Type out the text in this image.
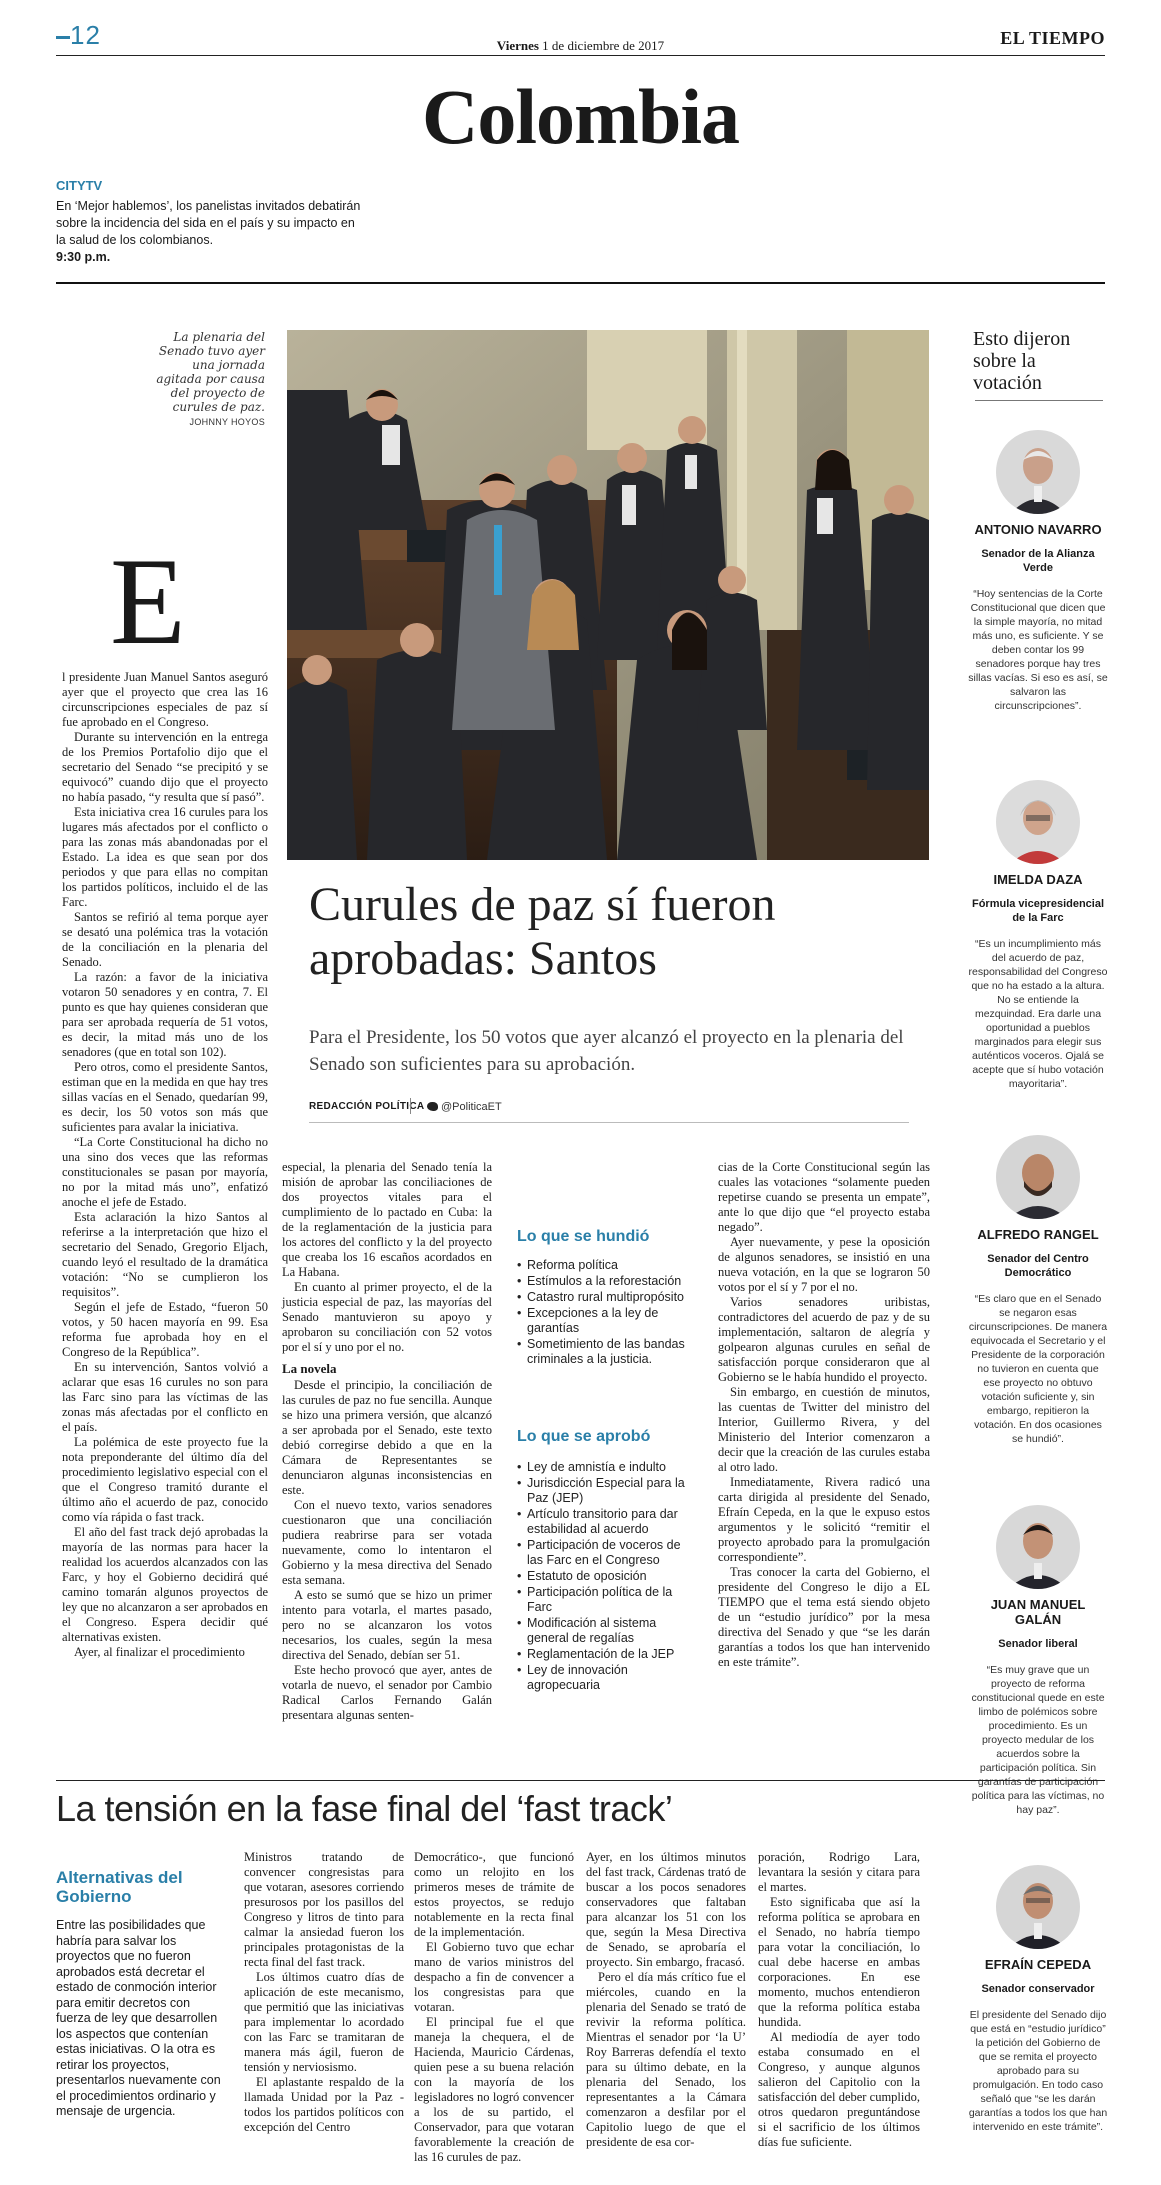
12	Viernes 1 de diciembre de 2017	EL TIEMPO
Colombia
CITYTV
En ‘Mejor hablemos’, los panelistas invitados debatirán sobre la incidencia del sida en el país y su impacto en la salud de los colombianos.
9:30 p.m.
La plenaria del Senado tuvo ayer una jornada agitada por causa del proyecto de curules de paz. JOHNNY HOYOS
Esto dijeron sobre la votación
ANTONIO NAVARRO
Senador de la Alianza Verde
“Hoy sentencias de la Corte Constitucional que dicen que la simple mayoría, no mitad más uno, es suficiente. Y se deben contar los 99 senadores porque hay tres sillas vacías. Si eso es así, se salvaron las circunscripciones”.
IMELDA DAZA
Fórmula vicepresidencial de la Farc
“Es un incumplimiento más del acuerdo de paz, responsabilidad del Congreso que no ha estado a la altura. No se entiende la mezquindad. Era darle una oportunidad a pueblos marginados para elegir sus auténticos voceros. Ojalá se acepte que sí hubo votación mayoritaria”.
ALFREDO RANGEL
Senador del Centro Democrático
“Es claro que en el Senado se negaron esas circunscripciones. De manera equivocada el Secretario y el Presidente de la corporación no tuvieron en cuenta que ese proyecto no obtuvo votación suficiente y, sin embargo, repitieron la votación. En dos ocasiones se hundió”.
JUAN MANUEL GALÁN
Senador liberal
“Es muy grave que un proyecto de reforma constitucional quede en este limbo de polémicos sobre procedimiento. Es un proyecto medular de los acuerdos sobre la participación política. Sin garantías de participación política para las víctimas, no hay paz”.
EFRAÍN CEPEDA
Senador conservador
El presidente del Senado dijo que está en “estudio jurídico” la petición del Gobierno de que se remita el proyecto aprobado para su promulgación. En todo caso señaló que “se les darán garantías a todos los que han intervenido en este trámite”.
Curules de paz sí fueron aprobadas: Santos
Para el Presidente, los 50 votos que ayer alcanzó el proyecto en la plenaria del Senado son suficientes para su aprobación.
REDACCIÓN POLÍTICA	@PoliticaET
E

l presidente Juan Manuel Santos aseguró ayer que el proyecto que crea las 16 circunscripciones especiales de paz sí fue aprobado en el Congreso.

Durante su intervención en la entrega de los Premios Portafolio dijo que el secretario del Senado “se precipitó y se equivocó” cuando dijo que el proyecto no había pasado, “y resulta que sí pasó”.

Esta iniciativa crea 16 curules para los lugares más afectados por el conflicto o para las zonas más abandonadas por el Estado. La idea es que sean por dos periodos y que para ellas no compitan los partidos políticos, incluido el de las Farc.

Santos se refirió al tema porque ayer se desató una polémica tras la votación de la conciliación en la plenaria del Senado.

La razón: a favor de la iniciativa votaron 50 senadores y en contra, 7. El punto es que hay quienes consideran que para ser aprobada requería de 51 votos, es decir, la mitad más uno de los senadores (que en total son 102).

Pero otros, como el presidente Santos, estiman que en la medida en que hay tres sillas vacías en el Senado, quedarían 99, es decir, los 50 votos son más que suficientes para avalar la iniciativa.

“La Corte Constitucional ha dicho no una sino dos veces que las reformas constitucionales se pasan por mayoría, no por la mitad más uno”, enfatizó anoche el jefe de Estado.

Esta aclaración la hizo Santos al referirse a la interpretación que hizo el secretario del Senado, Gregorio Eljach, cuando leyó el resultado de la dramática votación: “No se cumplieron los requisitos”.

Según el jefe de Estado, “fueron 50 votos, y 50 hacen mayoría en 99. Esa reforma fue aprobada hoy en el Congreso de la República”.

En su intervención, Santos volvió a aclarar que esas 16 curules no son para las Farc sino para las víctimas de las zonas más afectadas por el conflicto en el país.

La polémica de este proyecto fue la nota preponderante del último día del procedimiento legislativo especial con el que el Congreso tramitó durante el último año el acuerdo de paz, conocido como vía rápida o fast track.

El año del fast track dejó aprobadas la mayoría de las normas para hacer la realidad los acuerdos alcanzados con las Farc, y hoy el Gobierno decidirá qué camino tomarán algunos proyectos de ley que no alcanzaron a ser aprobados en el Congreso. Espera decidir qué alternativas existen.

Ayer, al finalizar el procedimiento

especial, la plenaria del Senado tenía la misión de aprobar las conciliaciones de dos proyectos vitales para el cumplimiento de lo pactado en Cuba: la de la reglamentación de la justicia para los actores del conflicto y la del proyecto que creaba los 16 escaños acordados en La Habana.

En cuanto al primer proyecto, el de la justicia especial de paz, las mayorías del Senado mantuvieron su apoyo y aprobaron su conciliación con 52 votos por el sí y uno por el no.

La novela

Desde el principio, la conciliación de las curules de paz no fue sencilla. Aunque se hizo una primera versión, que alcanzó a ser aprobada por el Senado, este texto debió corregirse debido a que en la Cámara de Representantes se denunciaron algunas inconsistencias en este.

Con el nuevo texto, varios senadores cuestionaron que una conciliación pudiera reabrirse para ser votada nuevamente, como lo intentaron el Gobierno y la mesa directiva del Senado esta semana.

A esto se sumó que se hizo un primer intento para votarla, el martes pasado, pero no se alcanzaron los votos necesarios, los cuales, según la mesa directiva del Senado, debían ser 51.

Este hecho provocó que ayer, antes de votarla de nuevo, el senador por Cambio Radical Carlos Fernando Galán presentara algunas senten-

Lo que se hundió
• Reforma política
• Estímulos a la reforestación
• Catastro rural multipropósito
• Excepciones a la ley de garantías
• Sometimiento de las bandas criminales a la justicia.
Lo que se aprobó
• Ley de amnistía e indulto
• Jurisdicción Especial para la Paz (JEP)
• Artículo transitorio para dar estabilidad al acuerdo
• Participación de voceros de las Farc en el Congreso
• Estatuto de oposición
• Participación política de la Farc
• Modificación al sistema general de regalías
• Reglamentación de la JEP
• Ley de innovación agropecuaria

cias de la Corte Constitucional según las cuales las votaciones “solamente pueden repetirse cuando se presenta un empate”, ante lo que dijo que “el proyecto estaba negado”.

Ayer nuevamente, y pese la oposición de algunos senadores, se insistió en una nueva votación, en la que se lograron 50 votos por el sí y 7 por el no.

Varios senadores uribistas, contradictores del acuerdo de paz y de su implementación, saltaron de alegría y golpearon algunas curules en señal de satisfacción porque consideraron que al Gobierno se le había hundido el proyecto.

Sin embargo, en cuestión de minutos, las cuentas de Twitter del ministro del Interior, Guillermo Rivera, y del Ministerio del Interior comenzaron a decir que la creación de las curules estaba al otro lado.

Inmediatamente, Rivera radicó una carta dirigida al presidente del Senado, Efraín Cepeda, en la que le expuso estos argumentos y le solicitó “remitir el proyecto aprobado para la promulgación correspondiente”.

Tras conocer la carta del Gobierno, el presidente del Congreso le dijo a EL TIEMPO que el tema está siendo objeto de un “estudio jurídico” por la mesa directiva del Senado y que “se les darán garantías a todos los que han intervenido en este trámite”.

La tensión en la fase final del ‘fast track’
Alternativas del Gobierno
Entre las posibilidades que habría para salvar los proyectos que no fueron aprobados está decretar el estado de conmoción interior para emitir decretos con fuerza de ley que desarrollen los aspectos que contenían estas iniciativas. O la otra es retirar los proyectos, presentarlos nuevamente con el procedimientos ordinario y mensaje de urgencia.

Ministros tratando de convencer congresistas para que votaran, asesores corriendo presurosos por los pasillos del Congreso y litros de tinto para calmar la ansiedad fueron los principales protagonistas de la recta final del fast track.

Los últimos cuatro días de aplicación de este mecanismo, que permitió que las iniciativas para implementar lo acordado con las Farc se tramitaran de manera más ágil, fueron de tensión y nerviosismo.

El aplastante respaldo de la llamada Unidad por la Paz -todos los partidos políticos con excepción del Centro

Democrático-, que funcionó como un relojito en los primeros meses de trámite de estos proyectos, se redujo notablemente en la recta final de la implementación.

El Gobierno tuvo que echar mano de varios ministros del despacho a fin de convencer a los congresistas para que votaran.

El principal fue el que maneja la chequera, el de Hacienda, Mauricio Cárdenas, quien pese a su buena relación con la mayoría de los legisladores no logró convencer a los de su partido, el Conservador, para que votaran favorablemente la creación de las 16 curules de paz.

Ayer, en los últimos minutos del fast track, Cárdenas trató de buscar a los pocos senadores conservadores que faltaban para alcanzar los 51 con los que, según la Mesa Directiva de Senado, se aprobaría el proyecto. Sin embargo, fracasó.

Pero el día más crítico fue el miércoles, cuando en la plenaria del Senado se trató de revivir la reforma política. Mientras el senador por ‘la U’ Roy Barreras defendía el texto para su último debate, en la plenaria del Senado, los representantes a la Cámara comenzaron a desfilar por el Capitolio luego de que el presidente de esa cor-

poración, Rodrigo Lara, levantara la sesión y citara para el martes.

Esto significaba que así la reforma política se aprobara en el Senado, no habría tiempo para votar la conciliación, lo cual debe hacerse en ambas corporaciones. En ese momento, muchos entendieron que la reforma política estaba hundida.

Al mediodía de ayer todo estaba consumado en el Congreso, y aunque algunos salieron del Capitolio con la satisfacción del deber cumplido, otros quedaron preguntándose si el sacrificio de los últimos días fue suficiente.
